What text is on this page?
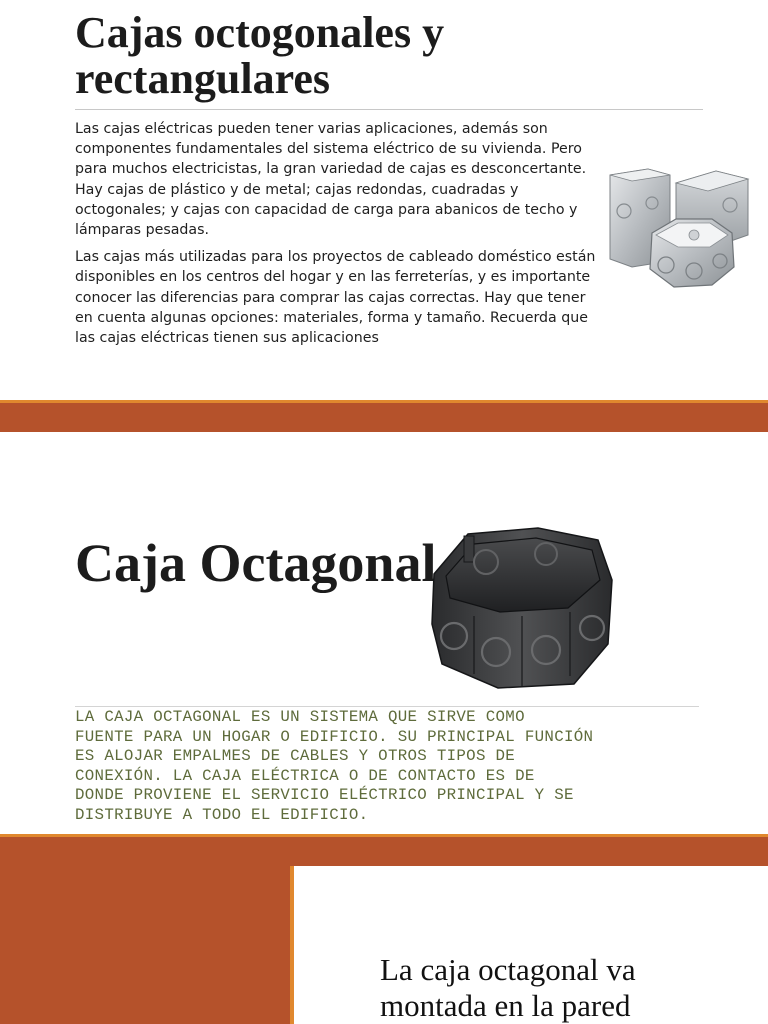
Cajas octogonales y rectangulares

Las cajas eléctricas pueden tener varias aplicaciones, además son componentes fundamentales del sistema eléctrico de su vivienda. Pero para muchos electricistas, la gran variedad de cajas es desconcertante. Hay cajas de plástico y de metal; cajas redondas, cuadradas y octogonales; y cajas con capacidad de carga para abanicos de techo y lámparas pesadas.

Las cajas más utilizadas para los proyectos de cableado doméstico están disponibles en los centros del hogar y en las ferreterías, y es importante conocer las diferencias para comprar las cajas correctas. Hay que tener en cuenta algunas opciones: materiales, forma y tamaño. Recuerda que las cajas eléctricas tienen sus aplicaciones

Caja Octagonal

LA CAJA OCTAGONAL ES UN SISTEMA QUE SIRVE COMO
FUENTE PARA UN HOGAR O EDIFICIO. SU PRINCIPAL FUNCIÓN
ES ALOJAR EMPALMES DE CABLES Y OTROS TIPOS DE
CONEXIÓN. LA CAJA ELÉCTRICA O DE CONTACTO ES DE
DONDE PROVIENE EL SERVICIO ELÉCTRICO PRINCIPAL Y SE
DISTRIBUYE A TODO EL EDIFICIO.

La caja octagonal va montada en la pared
